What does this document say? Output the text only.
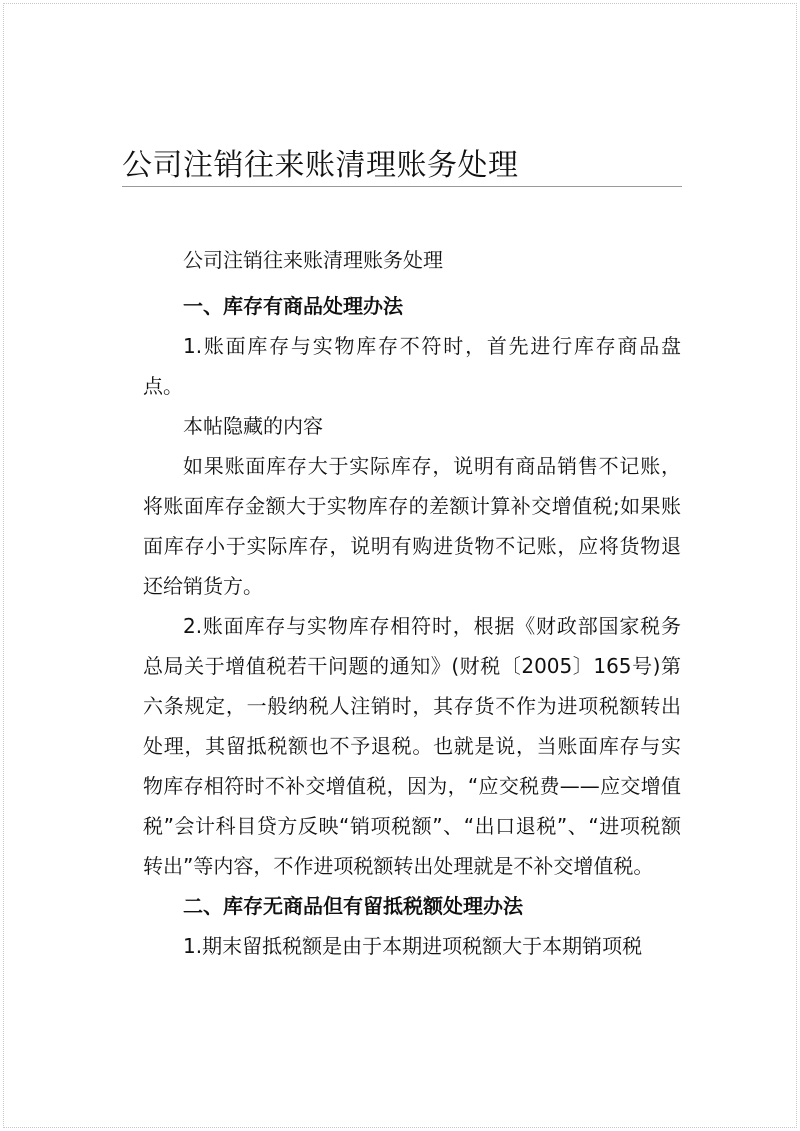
公司注销往来账清理账务处理

公司注销往来账清理账务处理

一、库存有商品处理办法

1.账面库存与实物库存不符时，首先进行库存商品盘点。

本帖隐藏的内容

如果账面库存大于实际库存，说明有商品销售不记账，将账面库存金额大于实物库存的差额计算补交增值税;如果账面库存小于实际库存，说明有购进货物不记账，应将货物退还给销货方。

2.账面库存与实物库存相符时，根据《财政部国家税务总局关于增值税若干问题的通知》(财税〔2005〕165号)第六条规定，一般纳税人注销时，其存货不作为进项税额转出处理，其留抵税额也不予退税。也就是说，当账面库存与实物库存相符时不补交增值税，因为，“应交税费——应交增值税”会计科目贷方反映“销项税额”、“出口退税”、“进项税额转出”等内容，不作进项税额转出处理就是不补交增值税。

二、库存无商品但有留抵税额处理办法

1.期末留抵税额是由于本期进项税额大于本期销项税
